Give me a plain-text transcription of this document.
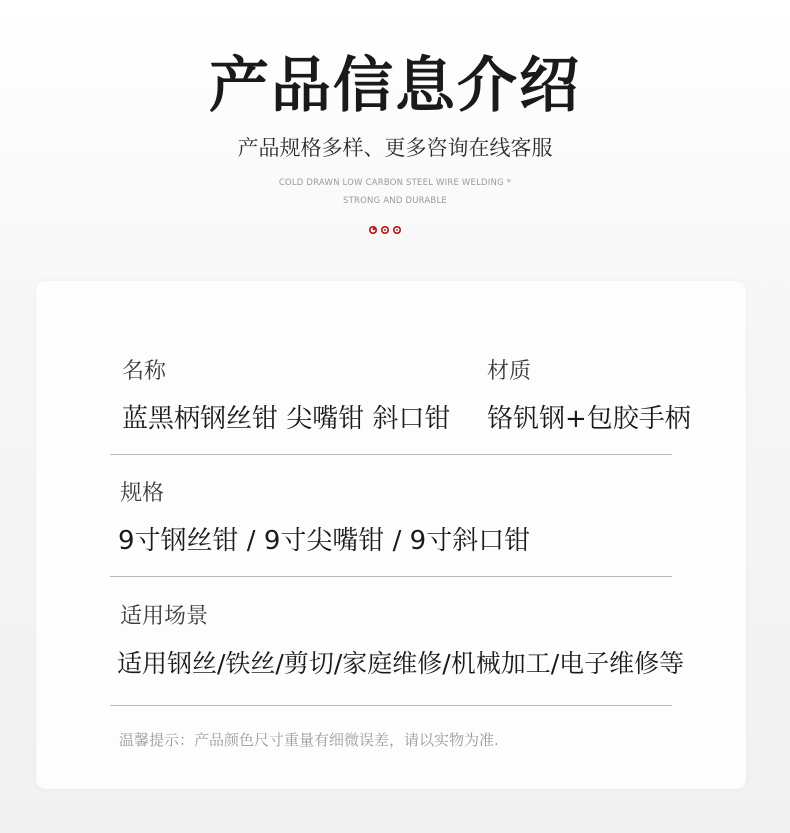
产品信息介绍
产品规格多样、更多咨询在线客服
COLD DRAWN LOW CARBON STEEL WIRE WELDING *
STRONG AND DURABLE
名称
蓝黑柄钢丝钳 尖嘴钳 斜口钳
材质
铬钒钢+包胶手柄
规格
9寸钢丝钳 / 9寸尖嘴钳 / 9寸斜口钳
适用场景
适用钢丝/铁丝/剪切/家庭维修/机械加工/电子维修等
温馨提示：产品颜色尺寸重量有细微误差，请以实物为准.
